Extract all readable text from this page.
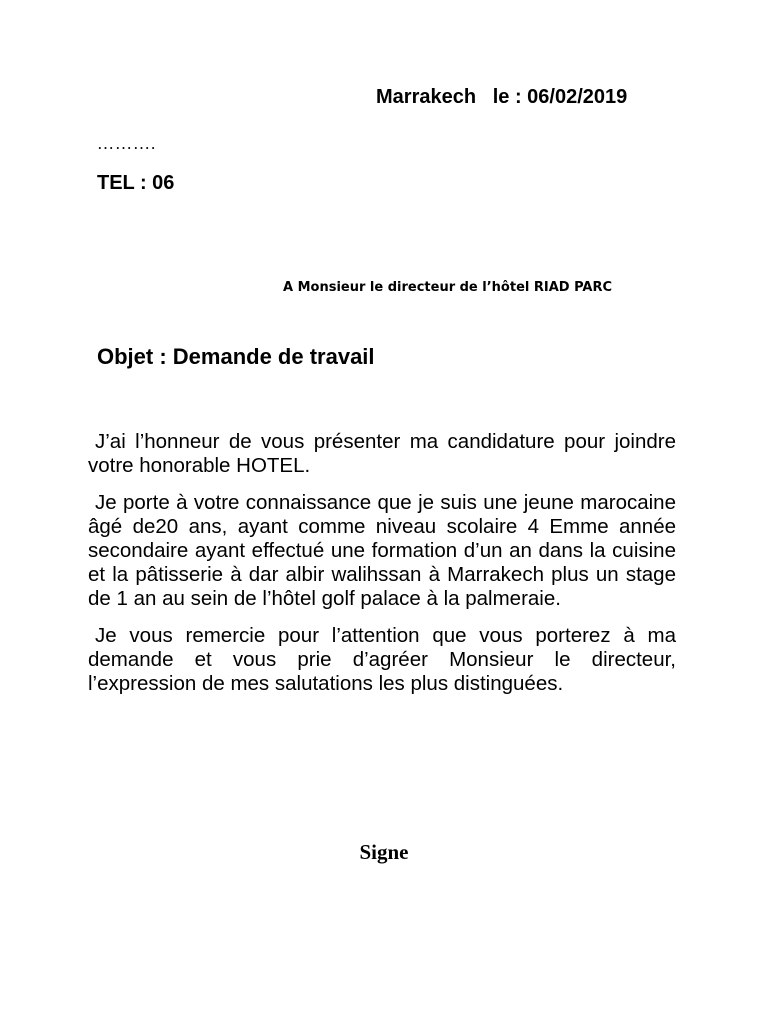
Marrakech   le : 06/02/2019
……….
TEL : 06
A Monsieur le directeur de l’hôtel RIAD PARC
Objet : Demande de travail

J’ai l’honneur de vous présenter ma candidature pour joindre votre honorable HOTEL.

Je porte à votre connaissance que je suis une jeune marocaine âgé de20 ans, ayant comme niveau scolaire 4 Emme année secondaire ayant effectué une formation d’un an dans la cuisine et la pâtisserie à dar albir walihssan à Marrakech plus un stage de 1 an au sein de l’hôtel golf palace à la palmeraie.

Je vous remercie pour l’attention que vous porterez à ma demande et vous prie d’agréer Monsieur le directeur, l’expression de mes salutations les plus distinguées.

Signe
